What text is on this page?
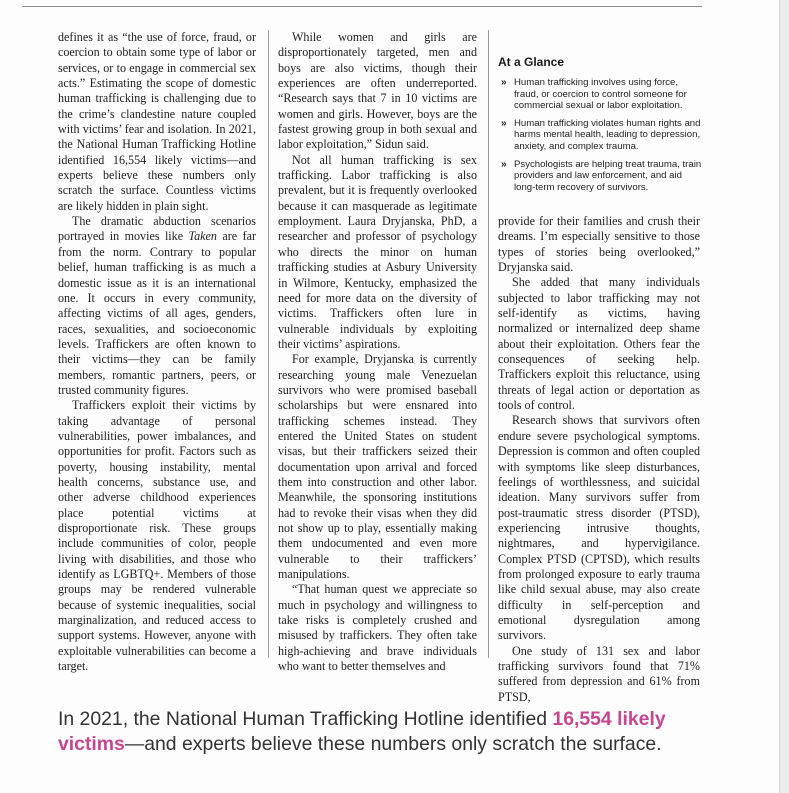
defines it as “the use of force, fraud, or coercion to obtain some type of labor or services, or to engage in commercial sex acts.” Estimating the scope of domestic human trafficking is challenging due to the crime’s clandestine nature coupled with victims’ fear and isolation. In 2021, the National Human Trafficking Hotline identified 16,554 likely victims—and experts believe these numbers only scratch the surface. Countless victims are likely hidden in plain sight.

The dramatic abduction scenarios portrayed in movies like Taken are far from the norm. Contrary to popular belief, human trafficking is as much a domestic issue as it is an international one. It occurs in every community, affecting victims of all ages, genders, races, sexualities, and socioeconomic levels. Traffickers are often known to their victims—they can be family members, romantic partners, peers, or trusted community figures.

Traffickers exploit their victims by taking advantage of personal vulnerabilities, power imbalances, and opportunities for profit. Factors such as poverty, housing instability, mental health concerns, substance use, and other adverse childhood experiences place potential victims at disproportionate risk. These groups include communities of color, people living with disabilities, and those who identify as LGBTQ+. Members of those groups may be rendered vulnerable because of systemic inequalities, social marginalization, and reduced access to support systems. However, anyone with exploitable vulnerabilities can become a target.

While women and girls are disproportionately targeted, men and boys are also victims, though their experiences are often underreported. “Research says that 7 in 10 victims are women and girls. However, boys are the fastest growing group in both sexual and labor exploitation,” Sidun said.

Not all human trafficking is sex trafficking. Labor trafficking is also prevalent, but it is frequently overlooked because it can masquerade as legitimate employment. Laura Dryjanska, PhD, a researcher and professor of psychology who directs the minor on human trafficking studies at Asbury University in Wilmore, Kentucky, emphasized the need for more data on the diversity of victims. Traffickers often lure in vulnerable individuals by exploiting their victims’ aspirations.

For example, Dryjanska is currently researching young male Venezuelan survivors who were promised baseball scholarships but were ensnared into trafficking schemes instead. They entered the United States on student visas, but their traffickers seized their documentation upon arrival and forced them into construction and other labor. Meanwhile, the sponsoring institutions had to revoke their visas when they did not show up to play, essentially making them undocumented and even more vulnerable to their traffickers’ manipulations.

“That human quest we appreciate so much in psychology and willingness to take risks is completely crushed and misused by traffickers. They often take high-achieving and brave individuals who want to better themselves and

At a Glance
» Human trafficking involves using force, fraud, or coercion to control someone for commercial sexual or labor exploitation.
» Human trafficking violates human rights and harms mental health, leading to depression, anxiety, and complex trauma.
» Psychologists are helping treat trauma, train providers and law enforcement, and aid long-term recovery of survivors.

provide for their families and crush their dreams. I’m especially sensitive to those types of stories being overlooked,” Dryjanska said.

She added that many individuals subjected to labor trafficking may not self-identify as victims, having normalized or internalized deep shame about their exploitation. Others fear the consequences of seeking help. Traffickers exploit this reluctance, using threats of legal action or deportation as tools of control.

Research shows that survivors often endure severe psychological symptoms. Depression is common and often coupled with symptoms like sleep disturbances, feelings of worthlessness, and suicidal ideation. Many survivors suffer from post-traumatic stress disorder (PTSD), experiencing intrusive thoughts, nightmares, and hypervigilance. Complex PTSD (CPTSD), which results from prolonged exposure to early trauma like child sexual abuse, may also create difficulty in self-perception and emotional dysregulation among survivors.

One study of 131 sex and labor trafficking survivors found that 71% suffered from depression and 61% from PTSD,

In 2021, the National Human Trafficking Hotline identified 16,554 likely victims—and experts believe these numbers only scratch the surface.
